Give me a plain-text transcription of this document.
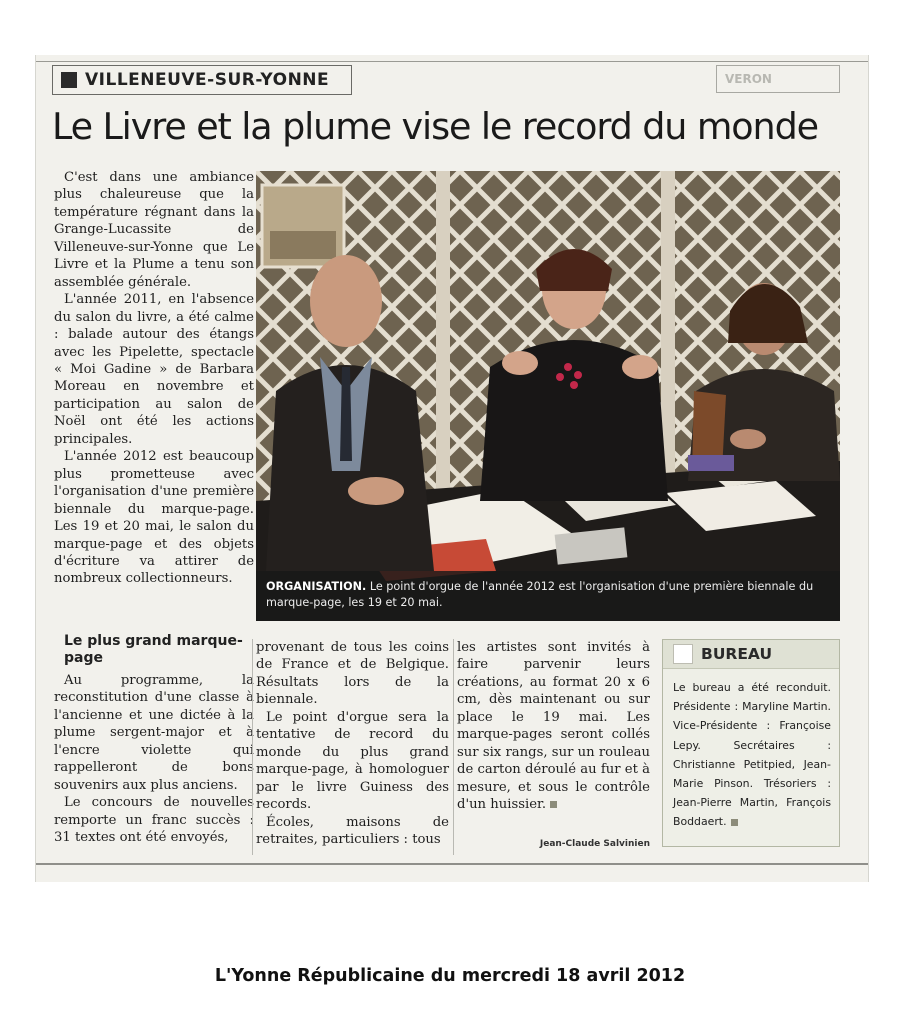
VILLENEUVE-SUR-YONNE	VERON
Le Livre et la plume vise le record du monde

C'est dans une ambiance plus chaleureuse que la température régnant dans la Grange-Lucassite de Villeneuve-sur-Yonne que Le Livre et la Plume a tenu son assemblée générale.

L'année 2011, en l'absence du salon du livre, a été calme : balade autour des étangs avec les Pipelette, spectacle « Moi Gadine » de Barbara Moreau en novembre et participation au salon de Noël ont été les actions principales.

L'année 2012 est beaucoup plus prometteuse avec l'organisation d'une première biennale du marque-page. Les 19 et 20 mai, le salon du marque-page et des objets d'écriture va attirer de nombreux collectionneurs.

ORGANISATION. Le point d'orgue de l'année 2012 est l'organisation d'une première biennale du marque-page, les 19 et 20 mai.
Le plus grand marque-page

Au programme, la reconstitution d'une classe à l'ancienne et une dictée à la plume sergent-major et à l'encre violette qui rappelleront de bons souvenirs aux plus anciens.

Le concours de nouvelles remporte un franc succès : 31 textes ont été envoyés,

provenant de tous les coins de France et de Belgique. Résultats lors de la biennale.

Le point d'orgue sera la tentative de record du monde du plus grand marque-page, à homologuer par le livre Guiness des records.

Écoles, maisons de retraites, particuliers : tous

les artistes sont invités à faire parvenir leurs créations, au format 20 x 6 cm, dès maintenant ou sur place le 19 mai. Les marque-pages seront collés sur six rangs, sur un rouleau de carton déroulé au fur et à mesure, et sous le contrôle d'un huissier.

Jean-Claude Salvinien
BUREAU
Le bureau a été reconduit. Présidente : Maryline Martin. Vice-Présidente : Françoise Lepy. Secrétaires : Christianne Petitpied, Jean-Marie Pinson. Trésoriers : Jean-Pierre Martin, François Boddaert.
L'Yonne Républicaine du mercredi 18 avril 2012
